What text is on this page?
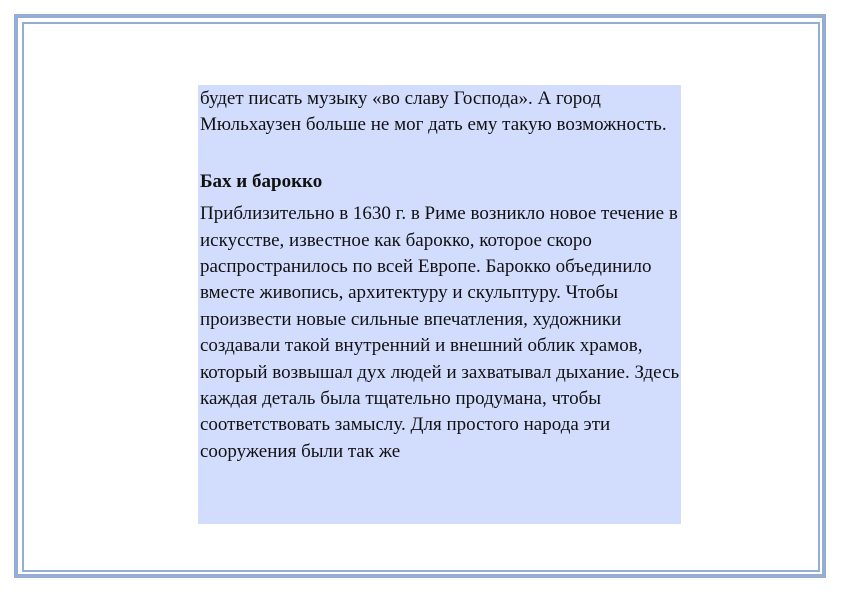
будет писать музыку «во славу Господа». А город Мюльхаузен больше не мог дать ему такую возможность.

Бах и барокко

Приблизительно в 1630 г. в Риме возникло новое течение в искусстве, известное как барокко, которое скоро распространилось по всей Европе. Барокко объединило вместе живопись, архитектуру и скульптуру. Чтобы произвести новые сильные впечатления, художники создавали такой внутренний и внешний облик храмов, который возвышал дух людей и захватывал дыхание. Здесь каждая деталь была тщательно продумана, чтобы соответствовать замыслу. Для простого народа эти сооружения были так же
